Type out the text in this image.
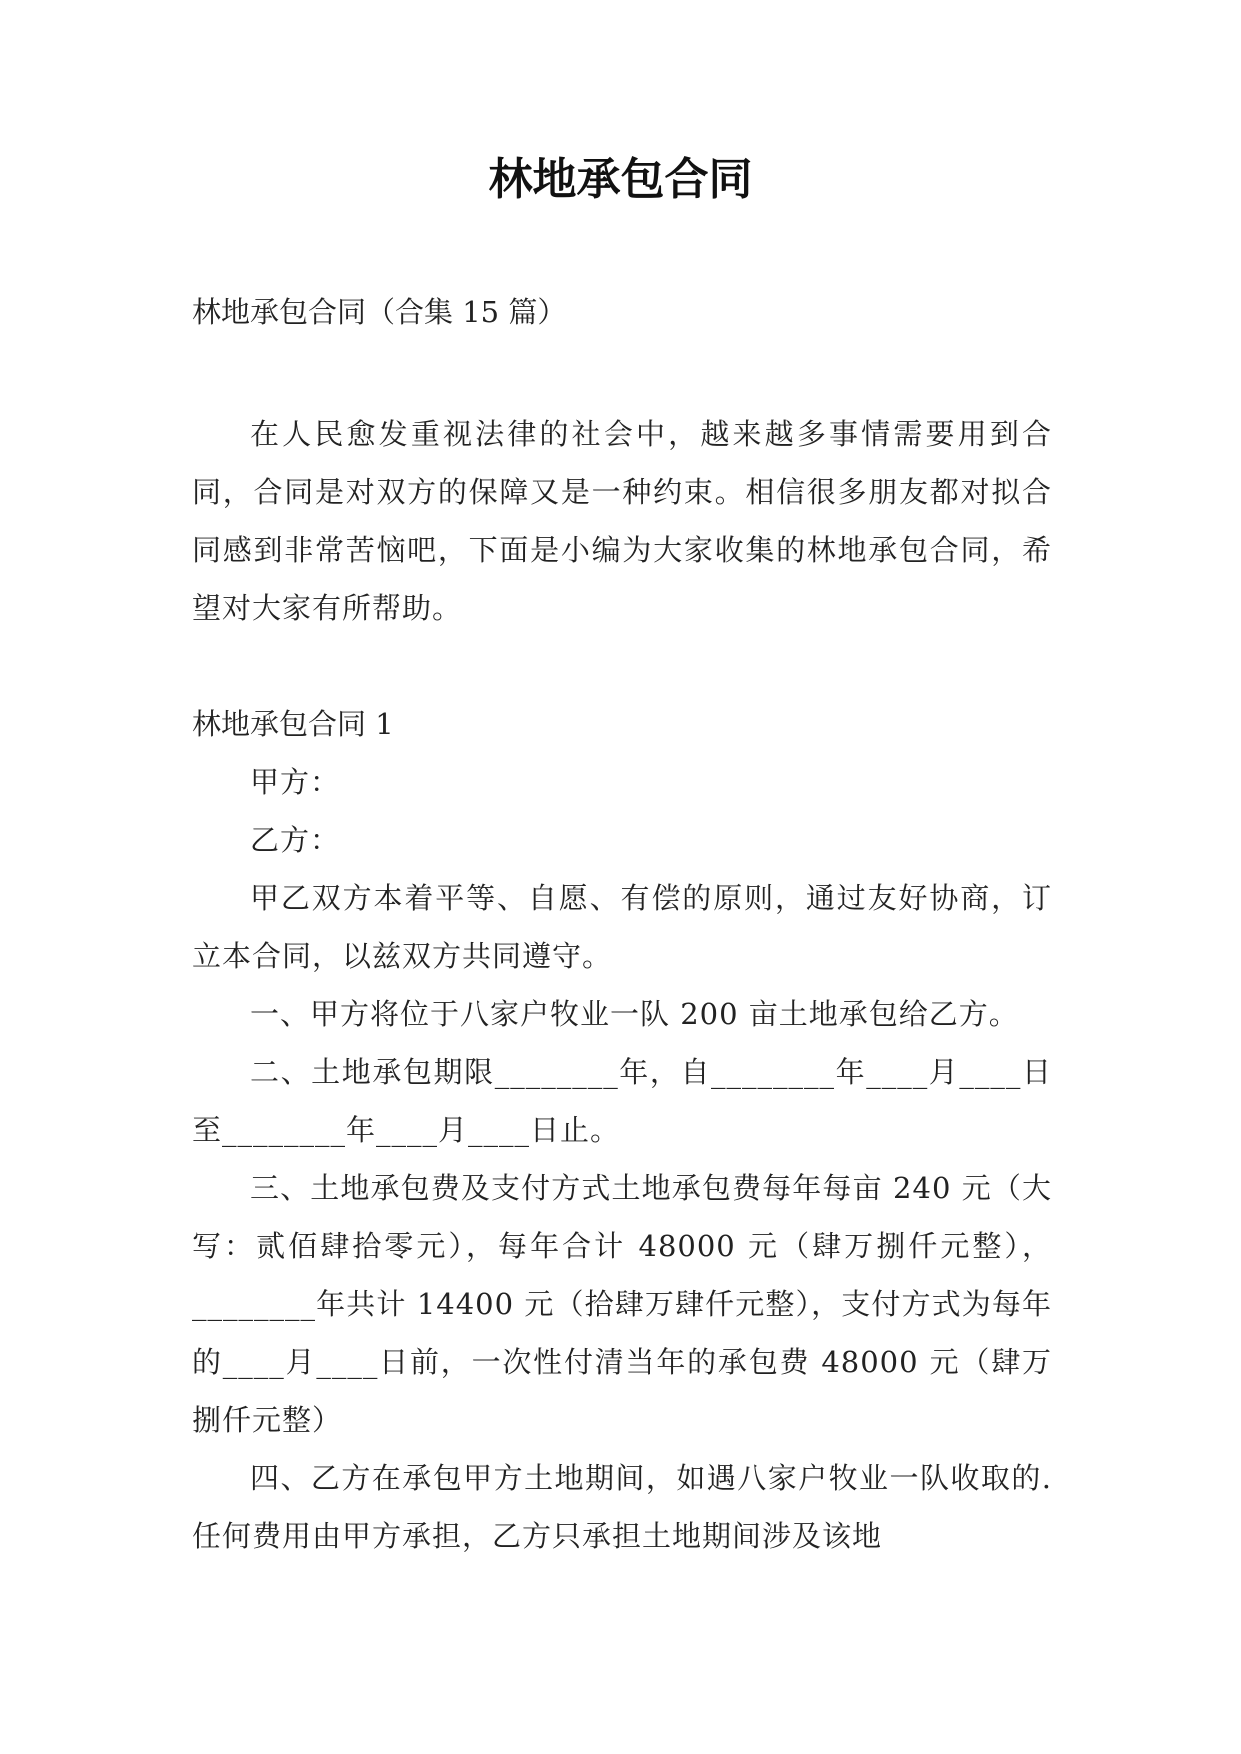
林地承包合同

林地承包合同（合集 15 篇）

在人民愈发重视法律的社会中，越来越多事情需要用到合同，合同是对双方的保障又是一种约束。相信很多朋友都对拟合同感到非常苦恼吧，下面是小编为大家收集的林地承包合同，希望对大家有所帮助。

林地承包合同 1

甲方：

乙方：

甲乙双方本着平等、自愿、有偿的原则，通过友好协商，订立本合同，以兹双方共同遵守。

一、甲方将位于八家户牧业一队 200 亩土地承包给乙方。

二、土地承包期限________年，自________年____月____日至________年____月____日止。

三、土地承包费及支付方式土地承包费每年每亩 240 元（大写：贰佰肆拾零元），每年合计 48000 元（肆万捌仟元整），________年共计 14400 元（拾肆万肆仟元整），支付方式为每年的____月____日前，一次性付清当年的承包费 48000 元（肆万捌仟元整）

四、乙方在承包甲方土地期间，如遇八家户牧业一队收取的.任何费用由甲方承担，乙方只承担土地期间涉及该地
